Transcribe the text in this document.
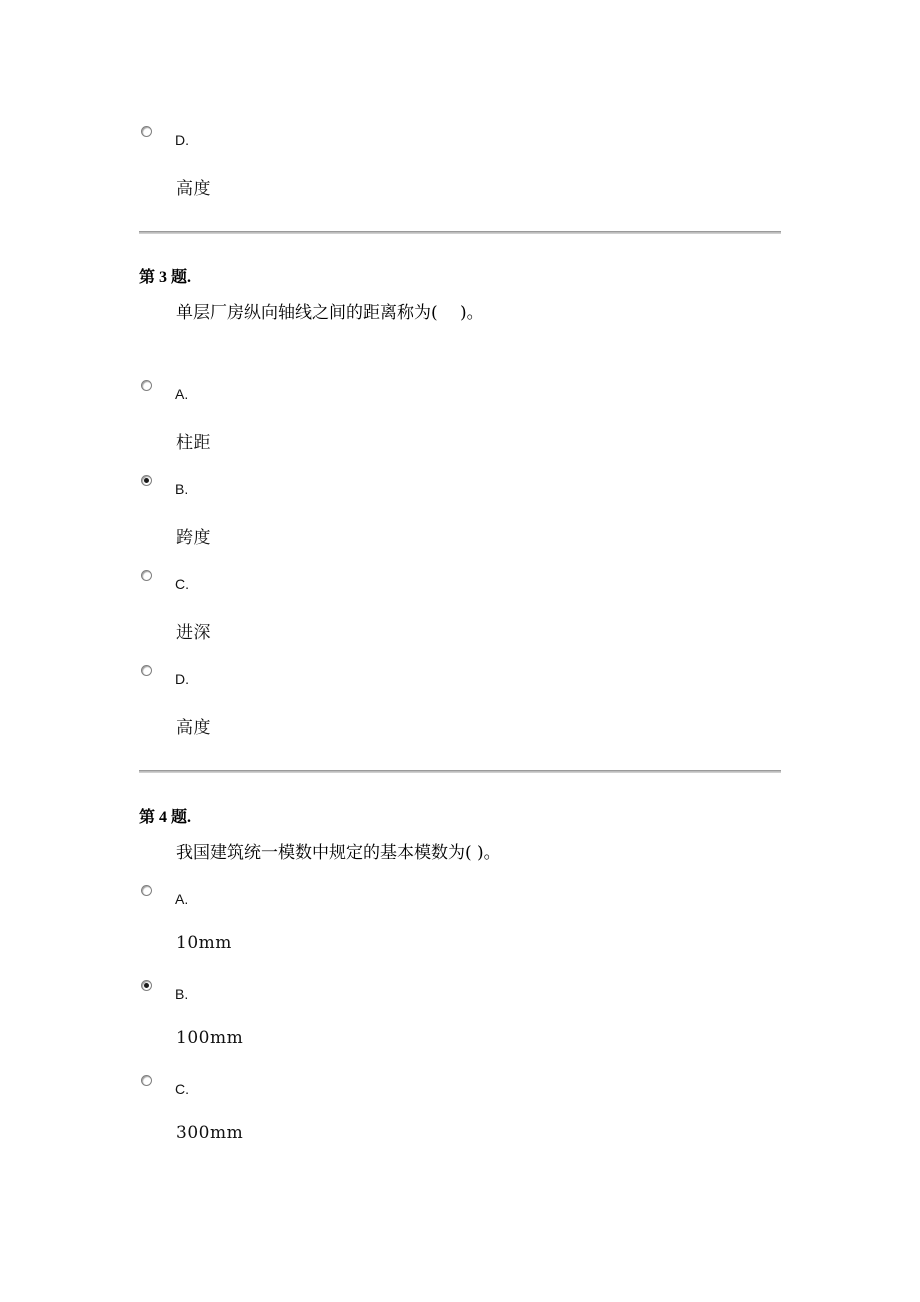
D.
高度
第 3 题.
单层厂房纵向轴线之间的距离称为(　 )。
A.
柱距
B.
跨度
C.
进深
D.
高度
第 4 题.
我国建筑统一模数中规定的基本模数为( )。
A.
10mm
B.
100mm
C.
300mm
